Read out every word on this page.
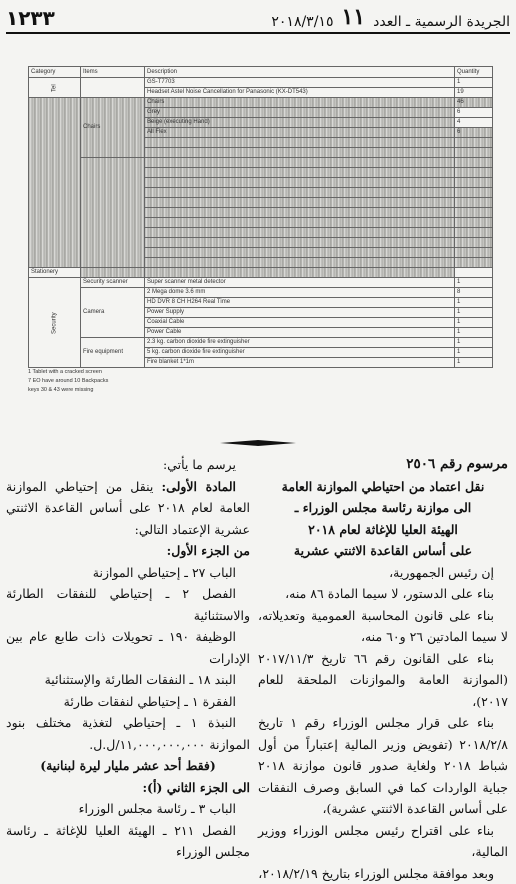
الجريدة الرسمية ـ العدد
١١
٢٠١٨/٣/١٥
١٢٣٣
Category	Items	Description	Quantity
Tel		GS-T7703	1
		Headset Astel Noise Cancellation for Panasonic (KX-DT543)	19
	Chairs	Chairs	46
		Grey	6
		Beige (executing Hand)	4
		All Flex	6

Stationery			
Security	Security scanner	Super scanner metal detector	1
	Camera	2 Mega dome 3.6 mm	8
		HD DVR 8 CH H264 Real Time	1
		Power Supply	1
		Coaxial Cable	1
		Power Cable	1
	Fire equipment	2.3 kg. carbon dioxide fire extinguisher	1
		5 kg. carbon dioxide fire extinguisher	1
		Fire blanket 1*1m	1
1 Tablet with a cracked screen
7 EO have around 10 Backpacks
keys 30 & 43 were missing

مرسوم رقم ٢٥٠٦

نقل اعتماد من احتياطي الموازنة العامة

الى موازنة رئاسة مجلس الوزراء ـ

الهيئة العليا للإغاثة لعام ٢٠١٨

على أساس القاعدة الاثنتي عشرية

إن رئيس الجمهورية،

بناء على الدستور، لا سيما المادة ٨٦ منه،

بناء على قانون المحاسبة العمومية وتعديلاته، لا سيما المادتين ٢٦ و٦٠ منه،

بناء على القانون رقم ٦٦ تاريخ ٢٠١٧/١١/٣ (الموازنة العامة والموازنات الملحقة للعام ٢٠١٧)،

بناء على قرار مجلس الوزراء رقم ١ تاريخ ٢٠١٨/٢/٨ (تفويض وزير المالية إعتباراً من أول شباط ٢٠١٨ ولغاية صدور قانون موازنة ٢٠١٨ جباية الواردات كما في السابق وصرف النفقات على أساس القاعدة الاثنتي عشرية)،

بناء على اقتراح رئيس مجلس الوزراء ووزير المالية،

وبعد موافقة مجلس الوزراء بتاريخ ٢٠١٨/٢/١٩،

يرسم ما يأتي:

المادة الأولى: ينقل من إحتياطي الموازنة العامة لعام ٢٠١٨ على أساس القاعدة الاثنتي عشرية الإعتماد التالي:

من الجزء الأول:

الباب ٢٧ ـ إحتياطي الموازنة

الفصل ٢ ـ إحتياطي للنفقات الطارئة والاستثنائية

الوظيفة ١٩٠ ـ تحويلات ذات طابع عام بين الإدارات

البند ١٨ ـ النفقات الطارئة والإستثنائية

الفقرة ١ ـ إحتياطي لنفقات طارئة

النبذة ١ ـ إحتياطي لتغذية مختلف بنود الموازنة ١١,٠٠٠,٠٠٠,٠٠٠/ل.ل.

(فقط أحد عشر مليار ليرة لبنانية)

الى الجزء الثاني (أ):

الباب ٣ ـ رئاسة مجلس الوزراء

الفصل ٢١١ ـ الهيئة العليا للإغاثة ـ رئاسة مجلس الوزراء
